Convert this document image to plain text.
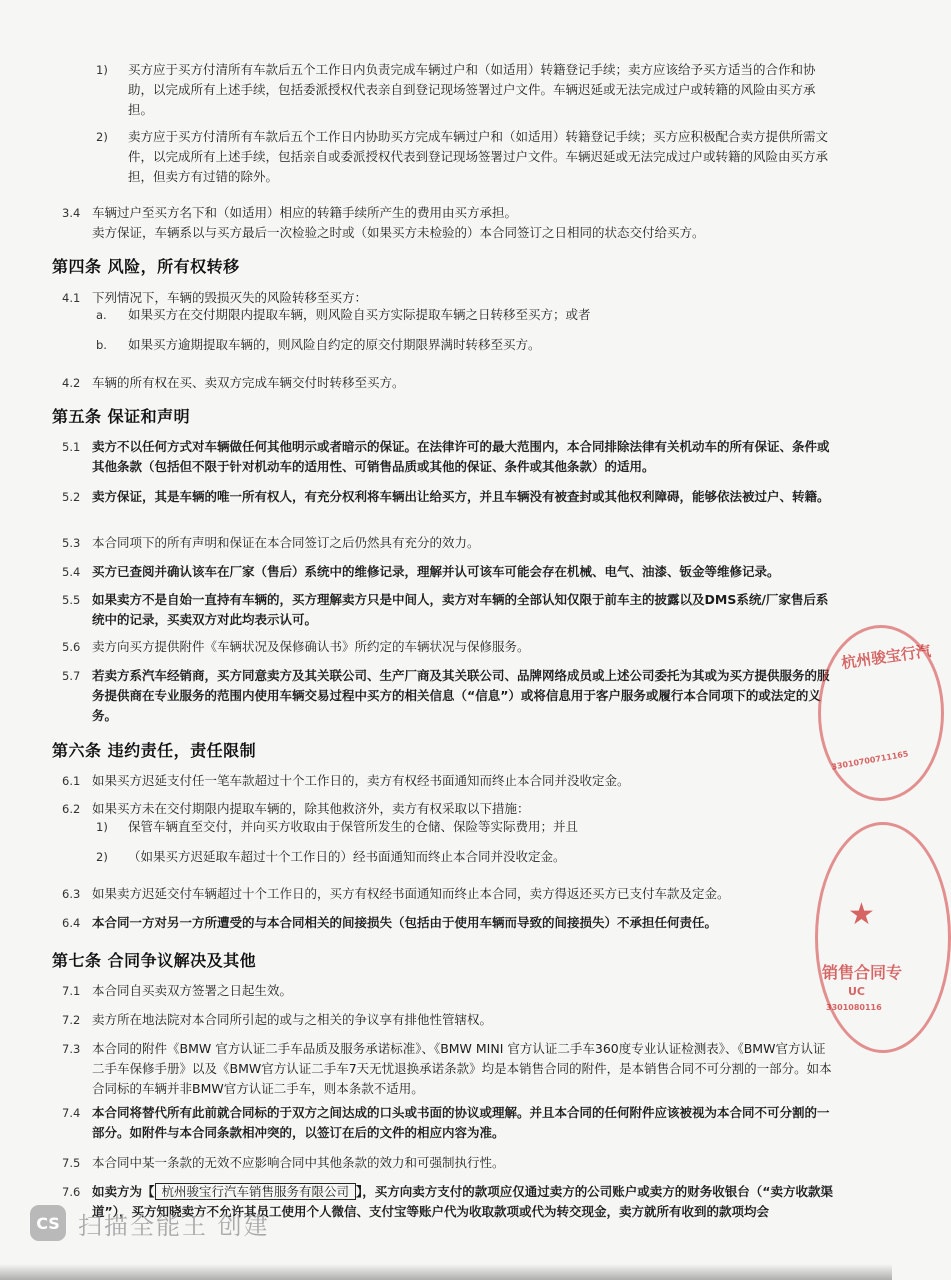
1) 买方应于买方付清所有车款后五个工作日内负责完成车辆过户和（如适用）转籍登记手续；卖方应该给予买方适当的合作和协助，以完成所有上述手续，包括委派授权代表亲自到登记现场签署过户文件。车辆迟延或无法完成过户或转籍的风险由买方承担。
2) 卖方应于买方付清所有车款后五个工作日内协助买方完成车辆过户和（如适用）转籍登记手续；买方应积极配合卖方提供所需文件，以完成所有上述手续，包括亲自或委派授权代表到登记现场签署过户文件。车辆迟延或无法完成过户或转籍的风险由买方承担，但卖方有过错的除外。
3.4 车辆过户至买方名下和（如适用）相应的转籍手续所产生的费用由买方承担。
卖方保证，车辆系以与买方最后一次检验之时或（如果买方未检验的）本合同签订之日相同的状态交付给买方。
第四条 风险，所有权转移
4.1 下列情况下，车辆的毁损灭失的风险转移至买方：
a. 如果买方在交付期限内提取车辆，则风险自买方实际提取车辆之日转移至买方；或者
b. 如果买方逾期提取车辆的，则风险自约定的原交付期限界满时转移至买方。
4.2 车辆的所有权在买、卖双方完成车辆交付时转移至买方。
第五条 保证和声明
5.1 卖方不以任何方式对车辆做任何其他明示或者暗示的保证。在法律许可的最大范围内，本合同排除法律有关机动车的所有保证、条件或其他条款（包括但不限于针对机动车的适用性、可销售品质或其他的保证、条件或其他条款）的适用。
5.2 卖方保证，其是车辆的唯一所有权人，有充分权利将车辆出让给买方，并且车辆没有被查封或其他权利障碍，能够依法被过户、转籍。
5.3 本合同项下的所有声明和保证在本合同签订之后仍然具有充分的效力。
5.4 买方已查阅并确认该车在厂家（售后）系统中的维修记录，理解并认可该车可能会存在机械、电气、油漆、钣金等维修记录。
5.5 如果卖方不是自始一直持有车辆的，买方理解卖方只是中间人，卖方对车辆的全部认知仅限于前车主的披露以及DMS系统/厂家售后系统中的记录，买卖双方对此均表示认可。
5.6 卖方向买方提供附件《车辆状况及保修确认书》所约定的车辆状况与保修服务。
5.7 若卖方系汽车经销商，买方同意卖方及其关联公司、生产厂商及其关联公司、品牌网络成员或上述公司委托为其或为买方提供服务的服务提供商在专业服务的范围内使用车辆交易过程中买方的相关信息（“信息”）或将信息用于客户服务或履行本合同项下的或法定的义务。
第六条 违约责任，责任限制
6.1 如果买方迟延支付任一笔车款超过十个工作日的，卖方有权经书面通知而终止本合同并没收定金。
6.2 如果买方未在交付期限内提取车辆的，除其他救济外，卖方有权采取以下措施：
1) 保管车辆直至交付，并向买方收取由于保管所发生的仓储、保险等实际费用；并且
2) （如果买方迟延取车超过十个工作日的）经书面通知而终止本合同并没收定金。
6.3 如果卖方迟延交付车辆超过十个工作日的，买方有权经书面通知而终止本合同，卖方得返还买方已支付车款及定金。
6.4 本合同一方对另一方所遭受的与本合同相关的间接损失（包括由于使用车辆而导致的间接损失）不承担任何责任。
第七条 合同争议解决及其他
7.1 本合同自买卖双方签署之日起生效。
7.2 卖方所在地法院对本合同所引起的或与之相关的争议享有排他性管辖权。
7.3 本合同的附件《BMW 官方认证二手车品质及服务承诺标准》、《BMW MINI 官方认证二手车360度专业认证检测表》、《BMW官方认证二手车保修手册》以及《BMW官方认证二手车7天无忧退换承诺条款》均是本销售合同的附件，是本销售合同不可分割的一部分。如本合同标的车辆并非BMW官方认证二手车，则本条款不适用。
7.4 本合同将替代所有此前就合同标的于双方之间达成的口头或书面的协议或理解。并且本合同的任何附件应该被视为本合同不可分割的一部分。如附件与本合同条款相冲突的，以签订在后的文件的相应内容为准。
7.5 本合同中某一条款的无效不应影响合同中其他条款的效力和可强制执行性。
7.6 如卖方为【 杭州骏宝行汽车销售服务有限公司 】，买方向卖方支付的款项应仅通过卖方的公司账户或卖方的财务收银台（“卖方收款渠道”），买方知晓卖方不允许其员工使用个人微信、支付宝等账户代为收取款项或代为转交现金，卖方就所有收到的款项均会
杭州骏宝行汽
33010700711165
★
销售合同专
UC
3301080116
CS 扫描全能王 创建
